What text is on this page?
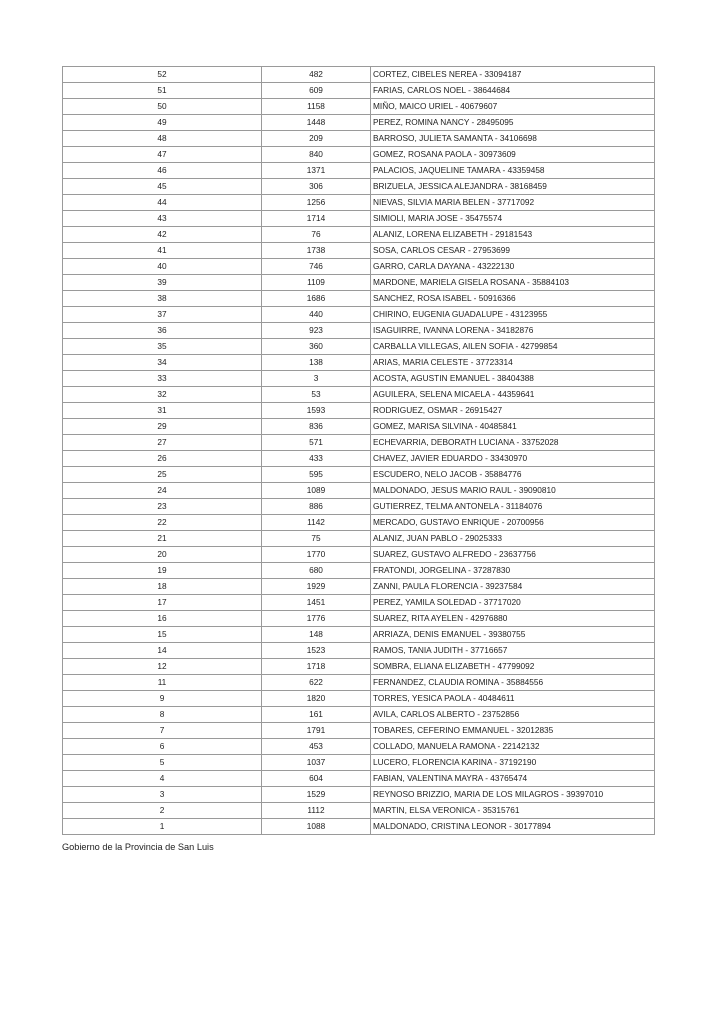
52	482	CORTEZ, CIBELES NEREA - 33094187
51	609	FARIAS, CARLOS NOEL - 38644684
50	1158	MIÑO, MAICO URIEL - 40679607
49	1448	PEREZ, ROMINA NANCY - 28495095
48	209	BARROSO, JULIETA SAMANTA - 34106698
47	840	GOMEZ, ROSANA PAOLA - 30973609
46	1371	PALACIOS, JAQUELINE TAMARA - 43359458
45	306	BRIZUELA, JESSICA ALEJANDRA - 38168459
44	1256	NIEVAS, SILVIA MARIA BELEN - 37717092
43	1714	SIMIOLI, MARIA JOSE - 35475574
42	76	ALANIZ, LORENA ELIZABETH - 29181543
41	1738	SOSA, CARLOS CESAR - 27953699
40	746	GARRO, CARLA DAYANA - 43222130
39	1109	MARDONE, MARIELA GISELA ROSANA - 35884103
38	1686	SANCHEZ, ROSA ISABEL - 50916366
37	440	CHIRINO, EUGENIA GUADALUPE - 43123955
36	923	ISAGUIRRE, IVANNA LORENA - 34182876
35	360	CARBALLA VILLEGAS, AILEN SOFIA - 42799854
34	138	ARIAS, MARIA CELESTE - 37723314
33	3	ACOSTA, AGUSTIN EMANUEL - 38404388
32	53	AGUILERA, SELENA MICAELA - 44359641
31	1593	RODRIGUEZ, OSMAR - 26915427
29	836	GOMEZ, MARISA SILVINA - 40485841
27	571	ECHEVARRIA, DEBORATH LUCIANA - 33752028
26	433	CHAVEZ, JAVIER EDUARDO - 33430970
25	595	ESCUDERO, NELO JACOB - 35884776
24	1089	MALDONADO, JESUS MARIO RAUL - 39090810
23	886	GUTIERREZ, TELMA ANTONELA - 31184076
22	1142	MERCADO, GUSTAVO ENRIQUE - 20700956
21	75	ALANIZ, JUAN PABLO - 29025333
20	1770	SUAREZ, GUSTAVO ALFREDO - 23637756
19	680	FRATONDI, JORGELINA - 37287830
18	1929	ZANNI, PAULA FLORENCIA - 39237584
17	1451	PEREZ, YAMILA SOLEDAD - 37717020
16	1776	SUAREZ, RITA AYELEN - 42976880
15	148	ARRIAZA, DENIS EMANUEL - 39380755
14	1523	RAMOS, TANIA JUDITH - 37716657
12	1718	SOMBRA, ELIANA ELIZABETH - 47799092
11	622	FERNANDEZ, CLAUDIA ROMINA - 35884556
9	1820	TORRES, YESICA PAOLA - 40484611
8	161	AVILA, CARLOS ALBERTO - 23752856
7	1791	TOBARES, CEFERINO EMMANUEL - 32012835
6	453	COLLADO, MANUELA RAMONA - 22142132
5	1037	LUCERO, FLORENCIA KARINA - 37192190
4	604	FABIAN, VALENTINA MAYRA - 43765474
3	1529	REYNOSO BRIZZIO, MARIA DE LOS MILAGROS - 39397010
2	1112	MARTIN, ELSA VERONICA - 35315761
1	1088	MALDONADO, CRISTINA LEONOR - 30177894
Gobierno de la Provincia de San Luis
